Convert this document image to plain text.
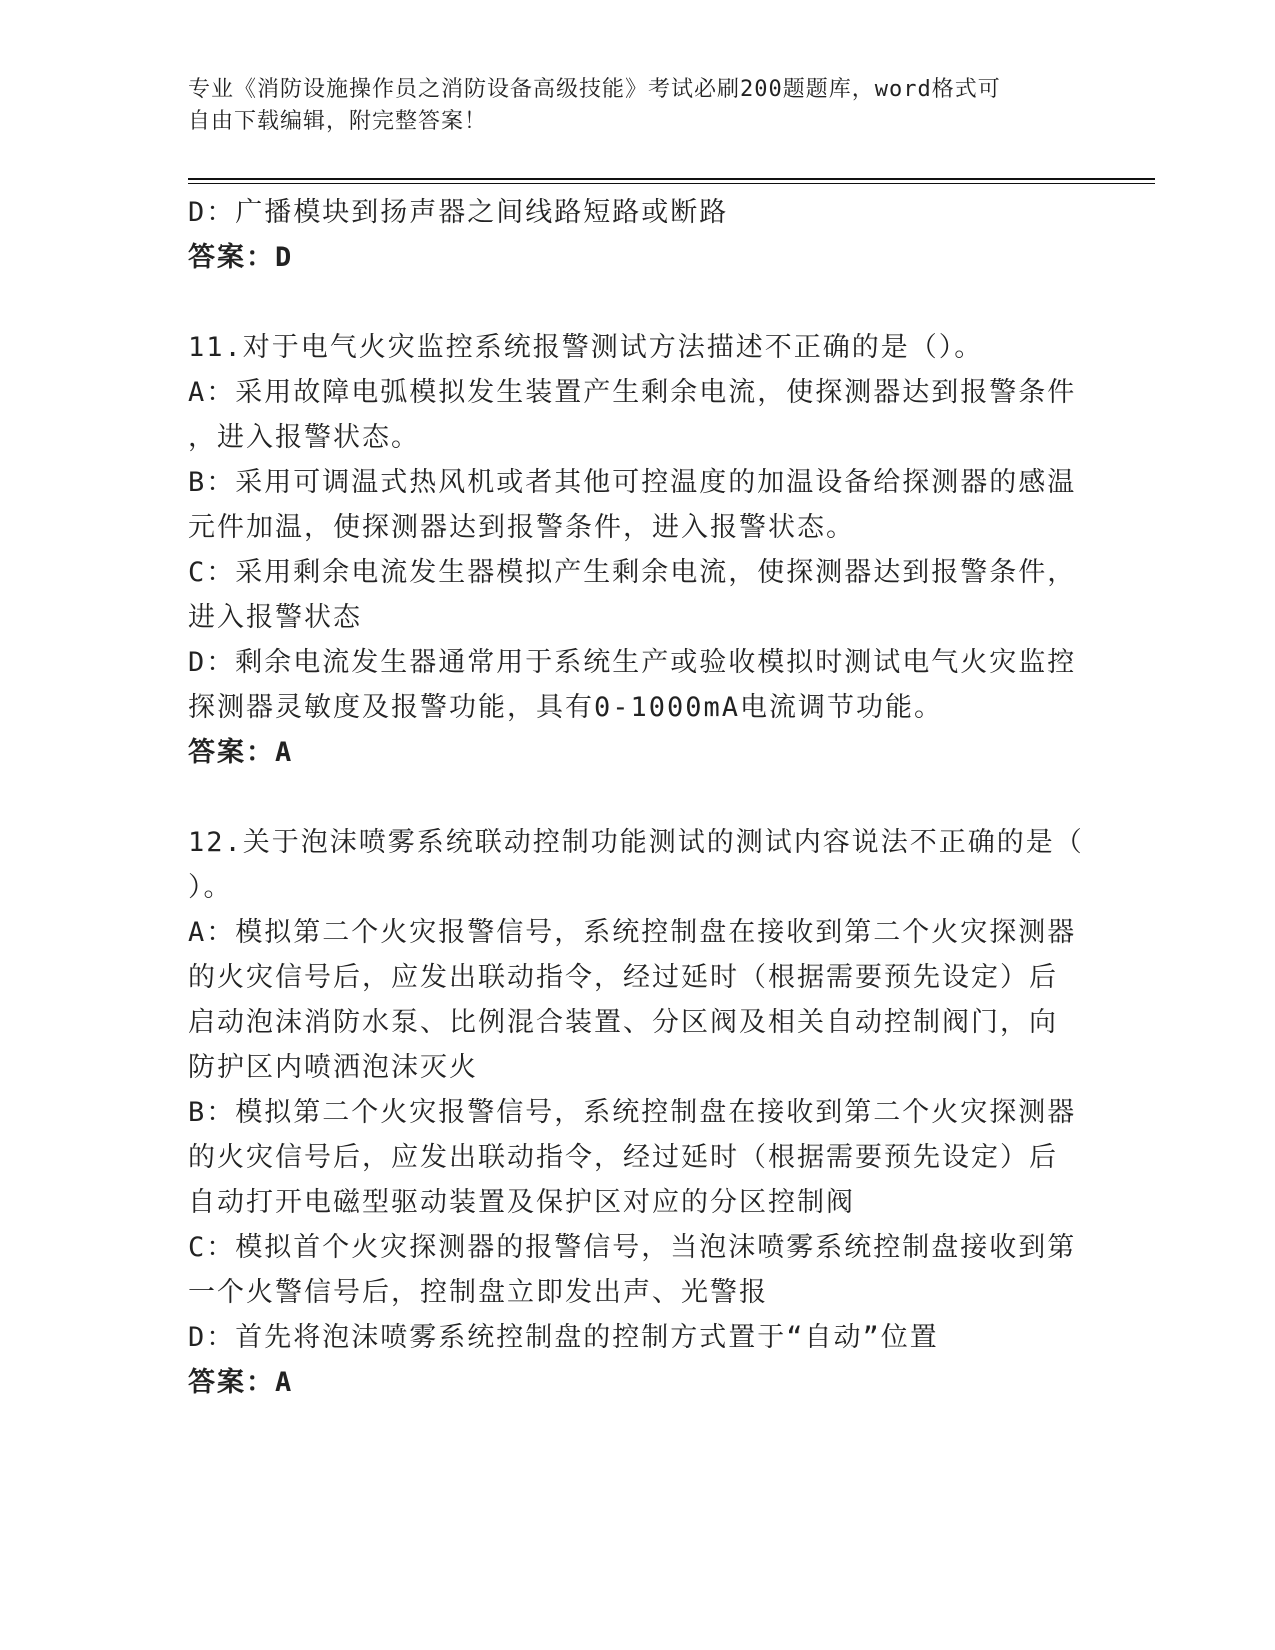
专业《消防设施操作员之消防设备高级技能》考试必刷200题题库，word格式可
自由下载编辑，附完整答案！
D：广播模块到扬声器之间线路短路或断路
答案：D
11.对于电气火灾监控系统报警测试方法描述不正确的是（）。
A：采用故障电弧模拟发生装置产生剩余电流，使探测器达到报警条件
，进入报警状态。
B：采用可调温式热风机或者其他可控温度的加温设备给探测器的感温
元件加温，使探测器达到报警条件，进入报警状态。
C：采用剩余电流发生器模拟产生剩余电流，使探测器达到报警条件，
进入报警状态
D：剩余电流发生器通常用于系统生产或验收模拟时测试电气火灾监控
探测器灵敏度及报警功能，具有0-1000mA电流调节功能。
答案：A
12.关于泡沫喷雾系统联动控制功能测试的测试内容说法不正确的是（
）。
A：模拟第二个火灾报警信号，系统控制盘在接收到第二个火灾探测器
的火灾信号后，应发出联动指令，经过延时（根据需要预先设定）后
启动泡沫消防水泵、比例混合装置、分区阀及相关自动控制阀门，向
防护区内喷洒泡沫灭火
B：模拟第二个火灾报警信号，系统控制盘在接收到第二个火灾探测器
的火灾信号后，应发出联动指令，经过延时（根据需要预先设定）后
自动打开电磁型驱动装置及保护区对应的分区控制阀
C：模拟首个火灾探测器的报警信号，当泡沫喷雾系统控制盘接收到第
一个火警信号后，控制盘立即发出声、光警报
D：首先将泡沫喷雾系统控制盘的控制方式置于“自动”位置
答案：A
